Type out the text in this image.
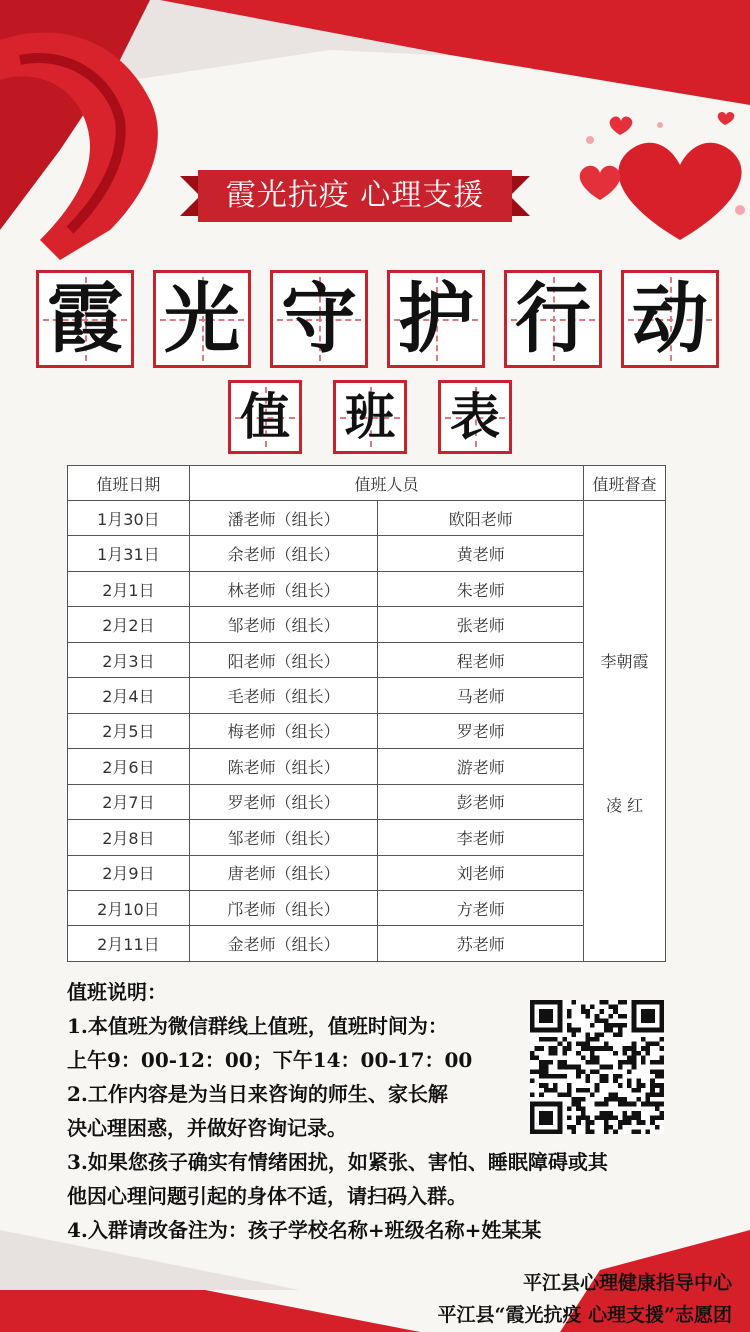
霞光抗疫 心理支援
霞 光 守 护 行 动
值 班 表
值班日期	值班人员		值班督查
1月30日	潘老师（组长）	欧阳老师	李朝霞
凌 红

1月31日	余老师（组长）	黄老师	
2月1日	林老师（组长）	朱老师	
2月2日	邹老师（组长）	张老师	
2月3日	阳老师（组长）	程老师	
2月4日	毛老师（组长）	马老师	
2月5日	梅老师（组长）	罗老师	
2月6日	陈老师（组长）	游老师	
2月7日	罗老师（组长）	彭老师	
2月8日	邹老师（组长）	李老师	
2月9日	唐老师（组长）	刘老师	
2月10日	邝老师（组长）	方老师	
2月11日	金老师（组长）	苏老师	
值班说明：
1.本值班为微信群线上值班，值班时间为：
上午9：00-12：00；下午14：00-17：00
2.工作内容是为当日来咨询的师生、家长解
决心理困惑，并做好咨询记录。
3.如果您孩子确实有情绪困扰，如紧张、害怕、睡眠障碍或其
他因心理问题引起的身体不适，请扫码入群。
4.入群请改备注为：孩子学校名称+班级名称+姓某某
平江县心理健康指导中心
平江县“霞光抗疫 心理支援”志愿团
